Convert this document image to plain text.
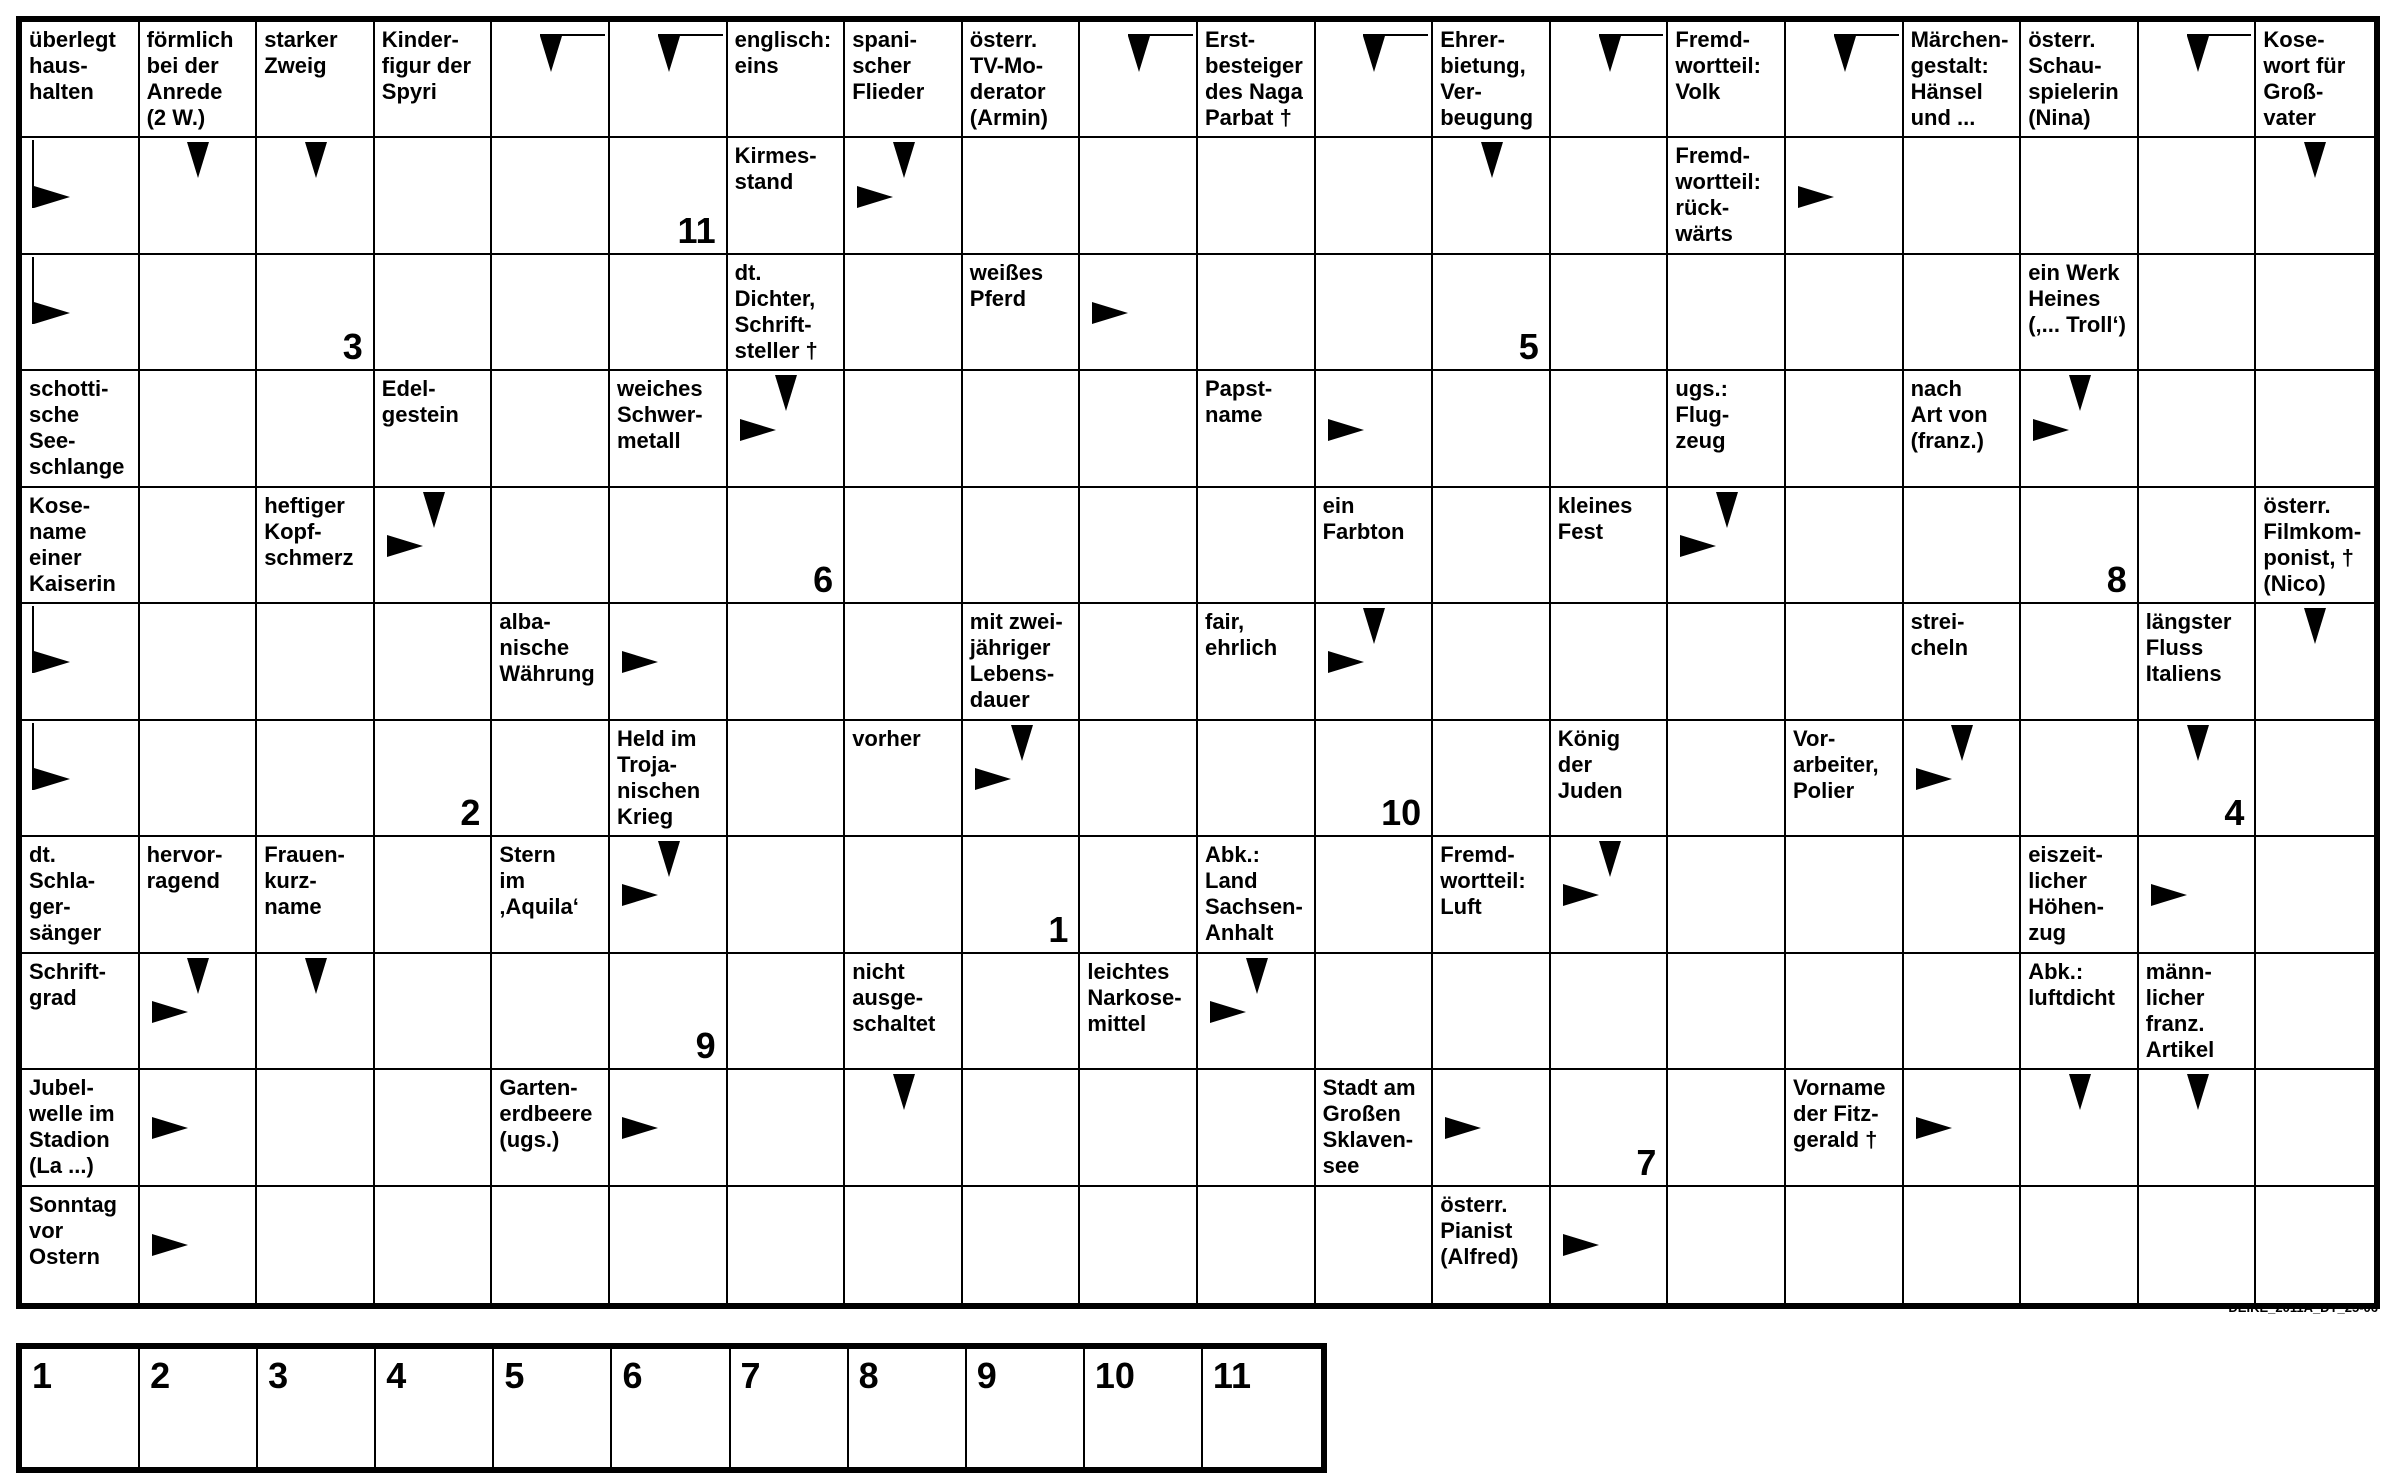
überlegt
haus-
halten
förmlich
bei der
Anrede
(2 W.)
starker
Zweig
Kinder-
figur der
Spyri
englisch:
eins
spani-
scher
Flieder
österr.
TV-Mo-
derator
(Armin)
Erst-
besteiger
des Naga
Parbat †
Ehrer-
bietung,
Ver-
beugung
Fremd-
wortteil:
Volk
Märchen-
gestalt:
Hänsel
und ...
österr.
Schau-
spielerin
(Nina)
Kose-
wort für
Groß-
vater
11
Kirmes-
stand
Fremd-
wortteil:
rück-
wärts
3
dt.
Dichter,
Schrift-
steller †
weißes
Pferd
5
ein Werk
Heines
(‚... Troll‘)
schotti-
sche
See-
schlange
Edel-
gestein
weiches
Schwer-
metall
Papst-
name
ugs.:
Flug-
zeug
nach
Art von
(franz.)
Kose-
name
einer
Kaiserin
heftiger
Kopf-
schmerz
6
ein
Farbton
kleines
Fest
8
österr.
Filmkom-
ponist, †
(Nico)
alba-
nische
Währung
mit zwei-
jähriger
Lebens-
dauer
fair,
ehrlich
strei-
cheln
längster
Fluss
Italiens
2
Held im
Troja-
nischen
Krieg
vorher
10
König
der
Juden
Vor-
arbeiter,
Polier
4
dt.
Schla-
ger-
sänger
hervor-
ragend
Frauen-
kurz-
name
Stern
im
‚Aquila‘
1
Abk.:
Land
Sachsen-
Anhalt
Fremd-
wortteil:
Luft
eiszeit-
licher
Höhen-
zug
Schrift-
grad
9
nicht
ausge-
schaltet
leichtes
Narkose-
mittel
Abk.:
luftdicht
männ-
licher
franz.
Artikel
Jubel-
welle im
Stadion
(La ...)
Garten-
erdbeere
(ugs.)
Stadt am
Großen
Sklaven-
see	7
Vorname
der Fitz-
gerald †
Sonntag
vor
Ostern
österr.
Pianist
(Alfred)
DEIKE_2011A_DT_25-06
1	2	3	4	5	6	7	8	9	10 11
